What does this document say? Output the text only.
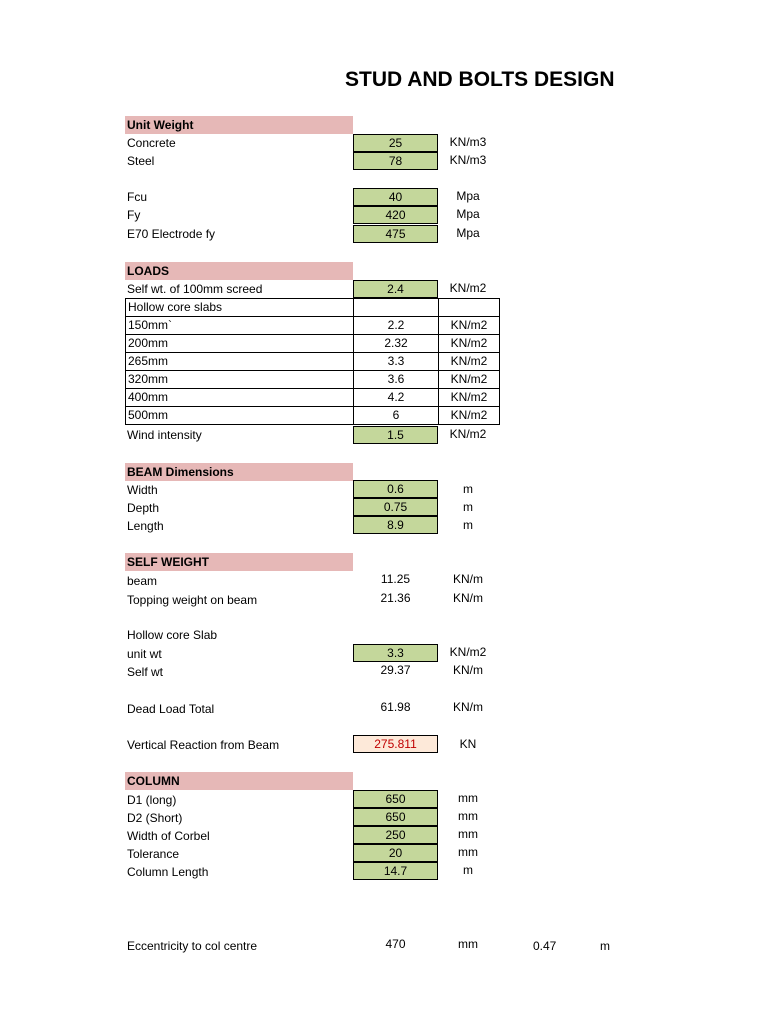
STUD AND BOLTS DESIGN
Unit Weight
Concrete	25	KN/m3
Steel	78	KN/m3
Fcu	40	Mpa
Fy	420	Mpa
E70 Electrode fy	475	Mpa
LOADS
Self wt. of 100mm screed	2.4	KN/m2
Hollow core slabs		
150mm`	2.2	KN/m2
200mm	2.32	KN/m2
265mm	3.3	KN/m2
320mm	3.6	KN/m2
400mm	4.2	KN/m2
500mm	6	KN/m2
Wind intensity	1.5	KN/m2
BEAM Dimensions
Width	0.6	m
Depth	0.75	m
Length	8.9	m
SELF WEIGHT
beam	11.25	KN/m
Topping weight on beam	21.36	KN/m
Hollow core Slab
unit wt	3.3	KN/m2
Self wt	29.37	KN/m
Dead Load Total	61.98	KN/m
Vertical Reaction from Beam	275.811	KN
COLUMN
D1 (long)	650	mm
D2 (Short)	650	mm
Width of Corbel	250	mm
Tolerance	20	mm
Column Length	14.7	m
Eccentricity to col centre	470	mm	0.47	m
